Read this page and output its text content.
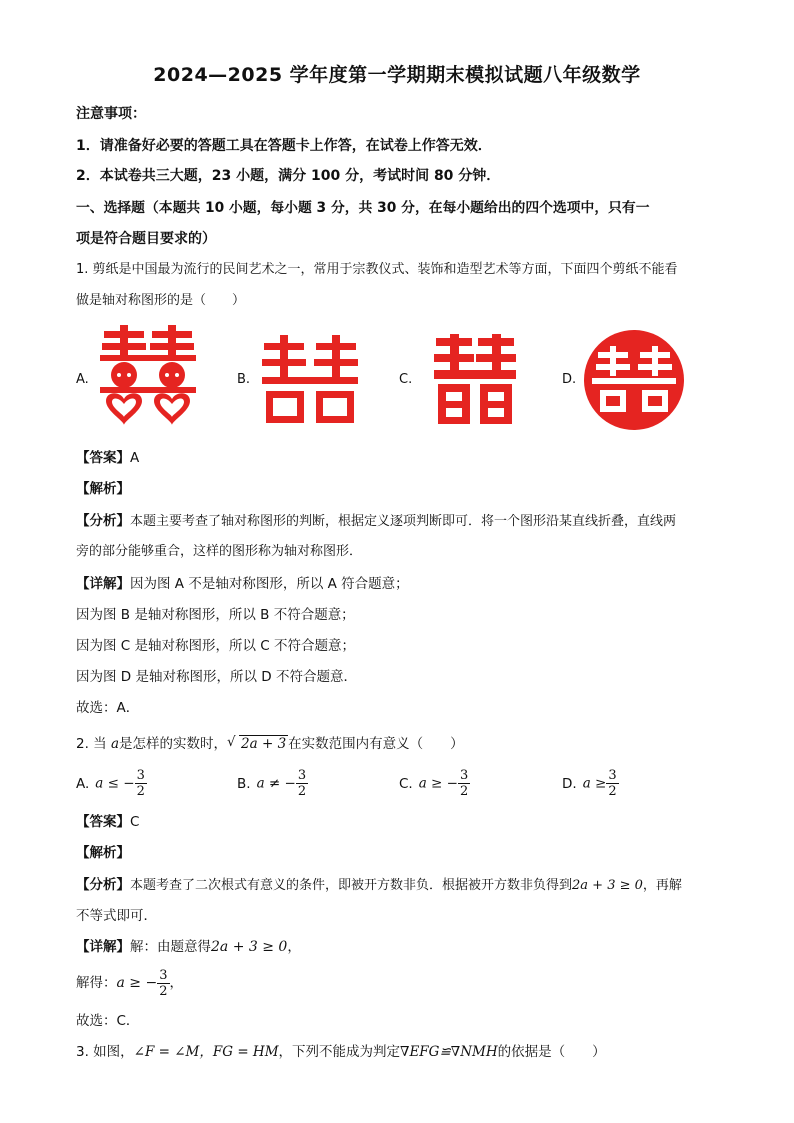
2024—2025 学年度第一学期期末模拟试题八年级数学
注意事项：
1．请准备好必要的答题工具在答题卡上作答，在试卷上作答无效．
2．本试卷共三大题，23 小题，满分 100 分，考试时间 80 分钟．
一、选择题（本题共 10 小题，每小题 3 分，共 30 分，在每小题给出的四个选项中，只有一
项是符合题目要求的）
1. 剪纸是中国最为流行的民间艺术之一，常用于宗教仪式、装饰和造型艺术等方面，下面四个剪纸不能看
做是轴对称图形的是（　　）
A.	B.	C.	D.
【答案】A
【解析】
【分析】本题主要考查了轴对称图形的判断，根据定义逐项判断即可．将一个图形沿某直线折叠，直线两
旁的部分能够重合，这样的图形称为轴对称图形．
【详解】因为图 A 不是轴对称图形，所以 A 符合题意；
因为图 B 是轴对称图形，所以 B 不符合题意；
因为图 C 是轴对称图形，所以 C 不符合题意；
因为图 D 是轴对称图形，所以 D 不符合题意．
故选：A．
2. 当 a是怎样的实数时， √ 2a + 3 在实数范围内有意义（　　）
A. a ≤ − $\frac{3}{2}$	B. a ≠ − $\frac{3}{2}$	C. a ≥ − $\frac{3}{2}$	D. $a \ge \frac{3}{2}$
【答案】C
【解析】
【分析】本题考查了二次根式有意义的条件，即被开方数非负．根据被开方数非负得到2a + 3 ≥ 0，再解
不等式即可．
【详解】解：由题意得2a + 3 ≥ 0，
解得：a ≥ − $\frac{3}{2}$ ，
故选：C．
3. 如图，∠F = ∠M，FG = HM，下列不能成为判定∇EFG≌∇NMH的依据是（　　）
